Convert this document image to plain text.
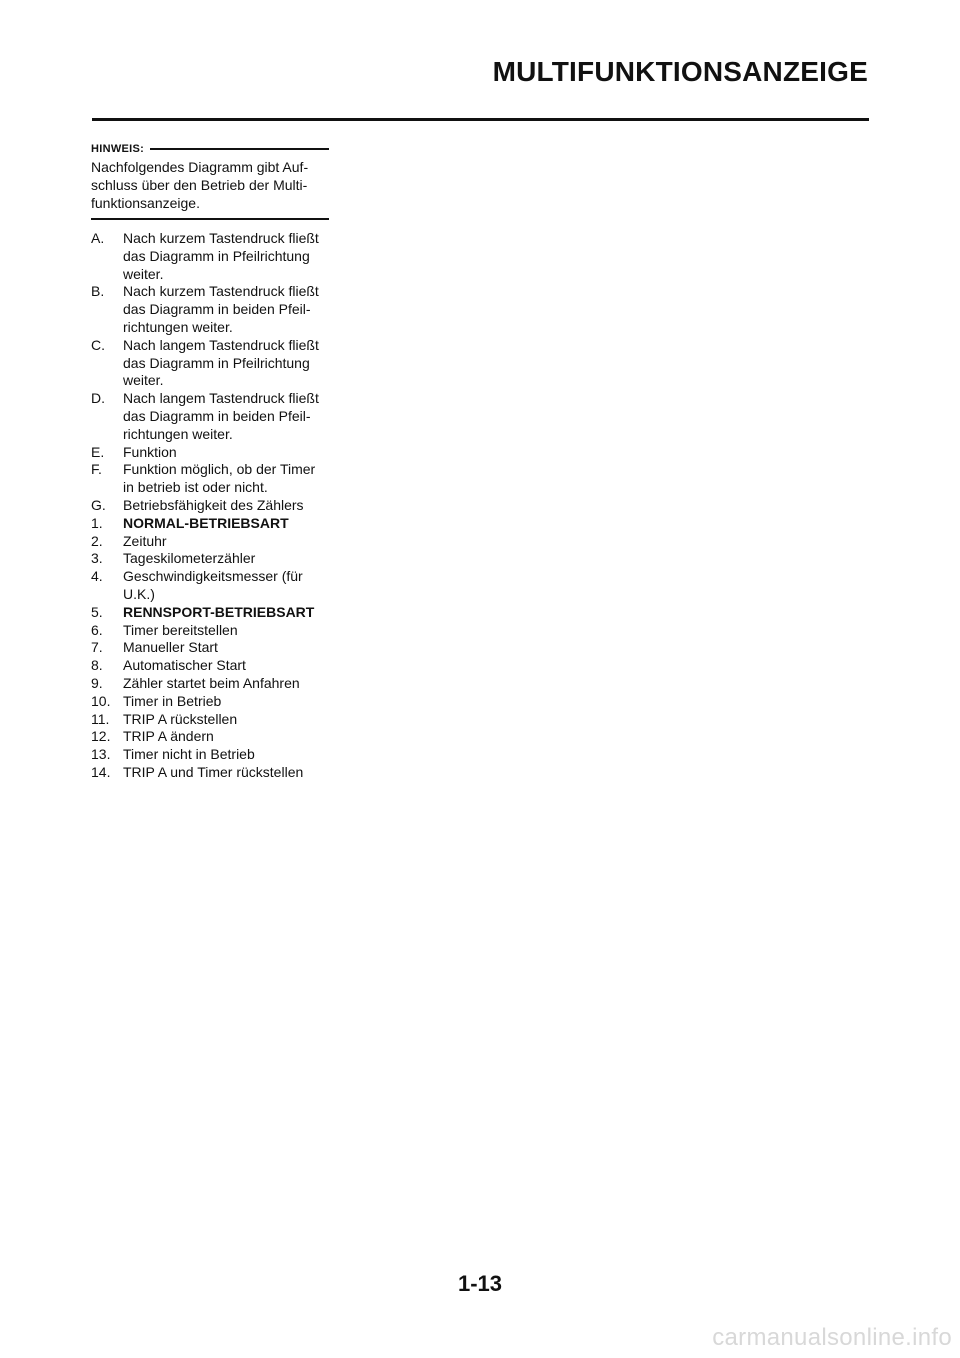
MULTIFUNKTIONSANZEIGE
HINWEIS:

Nachfolgendes Diagramm gibt Auf-
schluss über den Betrieb der Multi-
funktionsanzeige.

A.	Nach kurzem Tastendruck fließt
das Diagramm in Pfeilrichtung
weiter.
B.	Nach kurzem Tastendruck fließt
das Diagramm in beiden Pfeil-
richtungen weiter.
C.	Nach langem Tastendruck fließt
das Diagramm in Pfeilrichtung
weiter.
D.	Nach langem Tastendruck fließt
das Diagramm in beiden Pfeil-
richtungen weiter.
E.	Funktion
F.	Funktion möglich, ob der Timer
in betrieb ist oder nicht.
G.	Betriebsfähigkeit des Zählers
1.	NORMAL-BETRIEBSART
2.	Zeituhr
3.	Tageskilometerzähler
4.	Geschwindigkeitsmesser (für
U.K.)
5.	RENNSPORT-BETRIEBSART
6.	Timer bereitstellen
7.	Manueller Start
8.	Automatischer Start
9.	Zähler startet beim Anfahren
10. Timer in Betrieb
11. TRIP A rückstellen
12. TRIP A ändern
13. Timer nicht in Betrieb
14. TRIP A und Timer rückstellen
1-13
carmanualsonline.info
